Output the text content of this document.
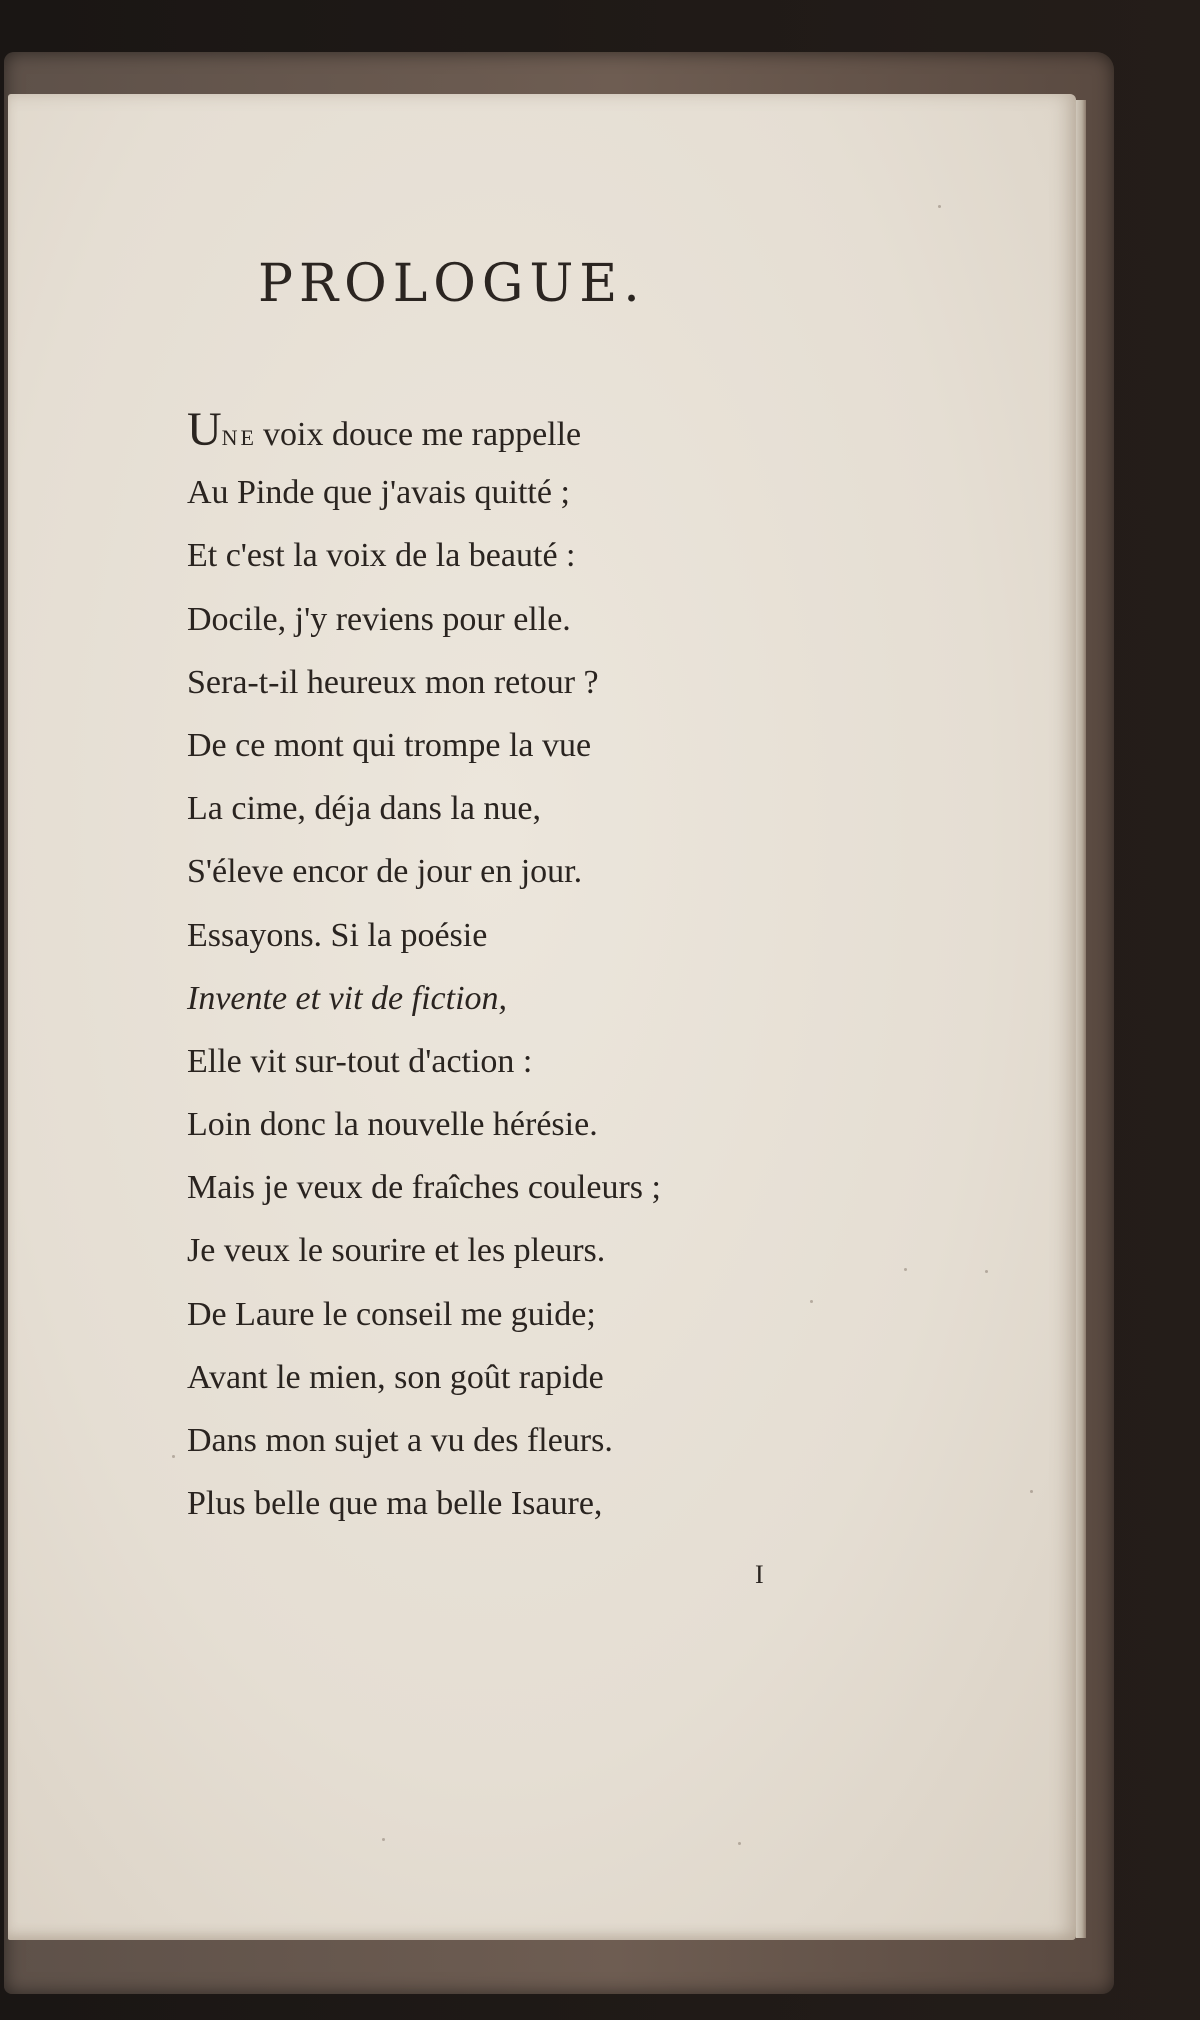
PROLOGUE.
UNE voix douce me rappelle
Au Pinde que j'avais quitté ;
Et c'est la voix de la beauté :
Docile, j'y reviens pour elle.
Sera-t-il heureux mon retour ?
De ce mont qui trompe la vue
La cime, déja dans la nue,
S'éleve encor de jour en jour.
Essayons. Si la poésie
Invente et vit de fiction,
Elle vit sur-tout d'action :
Loin donc la nouvelle hérésie.
Mais je veux de fraîches couleurs ;
Je veux le sourire et les pleurs.
De Laure le conseil me guide;
Avant le mien, son goût rapide
Dans mon sujet a vu des fleurs.
Plus belle que ma belle Isaure,
I
